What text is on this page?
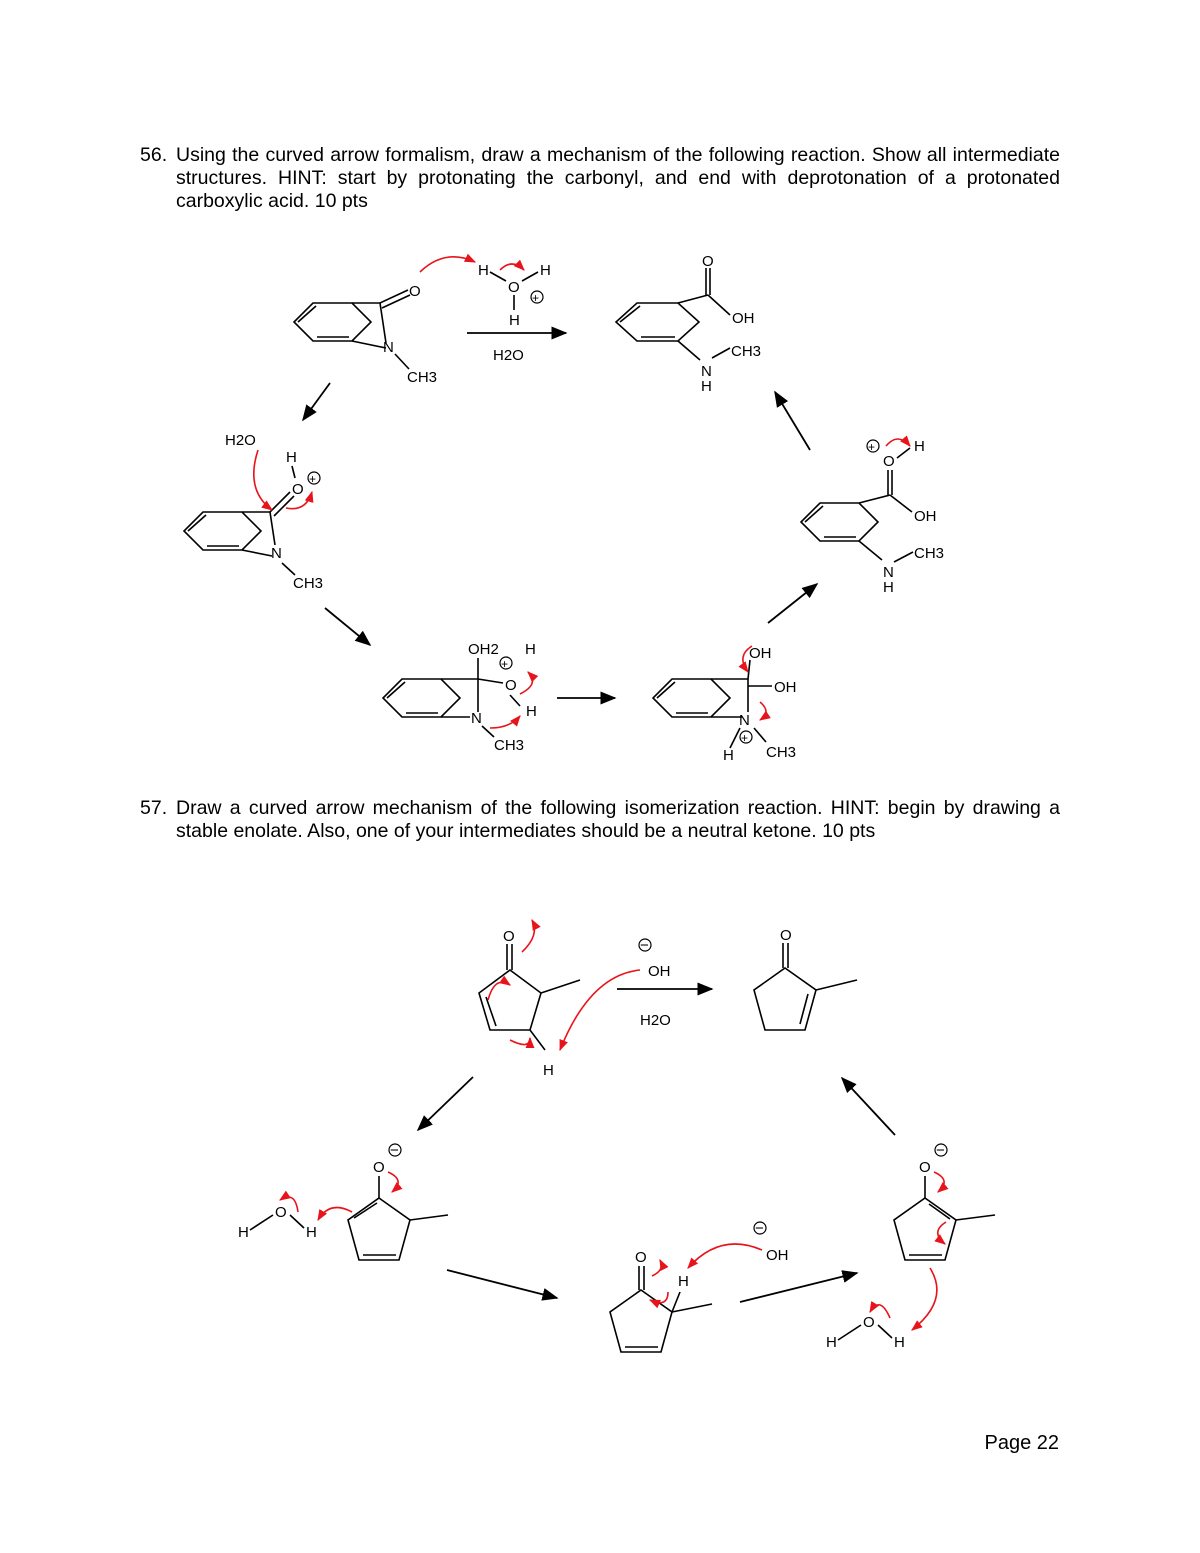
56. Using the curved arrow formalism, draw a mechanism of the following reaction. Show all intermediate structures. HINT: start by protonating the carbonyl, and end with deprotonation of a protonated carboxylic acid. 10 pts
57. Draw a curved arrow mechanism of the following isomerization reaction. HINT: begin by drawing a stable enolate. Also, one of your intermediates should be a neutral ketone. 10 pts
N
O
CH3
H
O
H
H
+
H2O
O
OH
N
H
CH3
H2O
H
O
+
N
CH3
OH2 H
+
O
N	H
CH3
OH
OH
N
+
H CH3
+
O
H
OH
N
H
CH3
O
H
−
OH
H2O
O
O
−
H
O
H
O
H
−
OH
O
−
H
O
H
Page 22
